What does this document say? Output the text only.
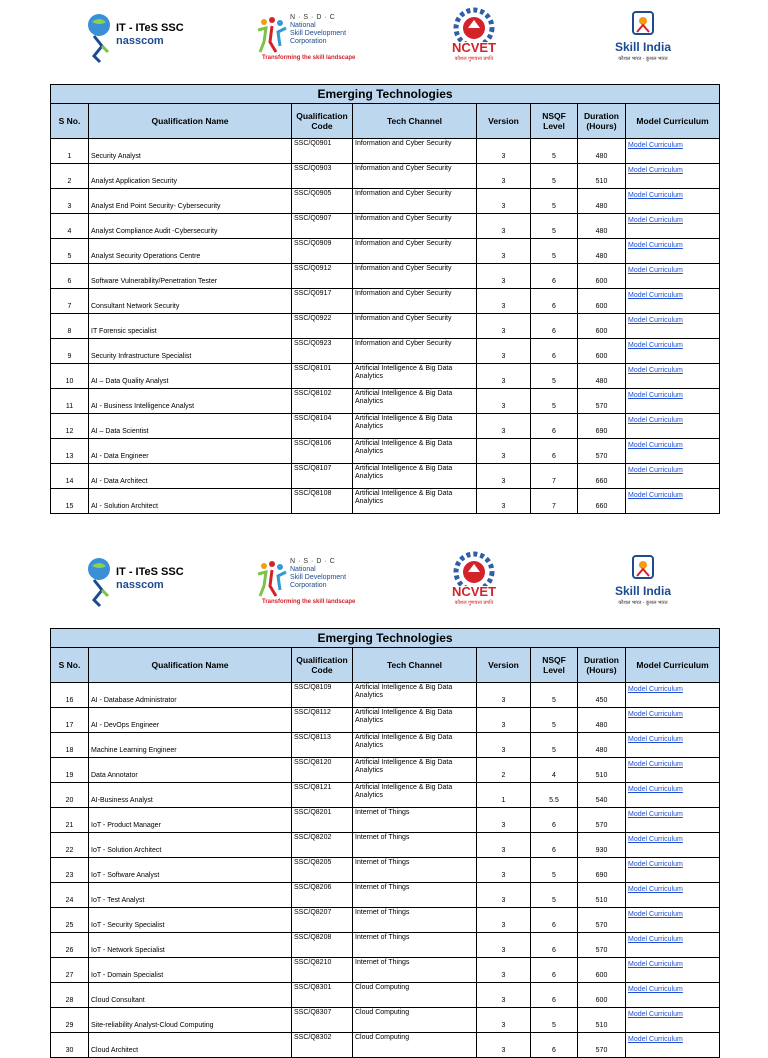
IT - ITeS SSC
nasscom
N·S·D·C
National
Skill Development
Corporation
Transforming the skill landscape
NCVET
कौशल गुणवत्ता प्रगति
Skill India
कौशल भारत - कुशल भारत
Emerging Technologies							
S No.	Qualification Name	Qualification Code	Tech Channel	Version	NSQF Level	Duration (Hours)	Model Curriculum
1	Security Analyst	SSC/Q0901	Information and Cyber Security	3	5	480	Model Curriculum
2	Analyst Application Security	SSC/Q0903	Information and Cyber Security	3	5	510	Model Curriculum
3	Analyst End Point Security- Cybersecurity	SSC/Q0905	Information and Cyber Security	3	5	480	Model Curriculum
4	Analyst Compliance Audit -Cybersecurity	SSC/Q0907	Information and Cyber Security	3	5	480	Model Curriculum
5	Analyst Security Operations Centre	SSC/Q0909	Information and Cyber Security	3	5	480	Model Curriculum
6	Software Vulnerability/Penetration Tester	SSC/Q0912	Information and Cyber Security	3	6	600	Model Curriculum
7	Consultant Network Security	SSC/Q0917	Information and Cyber Security	3	6	600	Model Curriculum
8	IT Forensic specialist	SSC/Q0922	Information and Cyber Security	3	6	600	Model Curriculum
9	Security Infrastructure Specialist	SSC/Q0923	Information and Cyber Security	3	6	600	Model Curriculum
10	AI – Data Quality Analyst	SSC/Q8101	Artificial Intelligence & Big Data Analytics	3	5	480	Model Curriculum
11	AI - Business Intelligence Analyst	SSC/Q8102	Artificial Intelligence & Big Data Analytics	3	5	570	Model Curriculum
12	AI – Data Scientist	SSC/Q8104	Artificial Intelligence & Big Data Analytics	3	6	690	Model Curriculum
13	AI - Data Engineer	SSC/Q8106	Artificial Intelligence & Big Data Analytics	3	6	570	Model Curriculum
14	AI - Data Architect	SSC/Q8107	Artificial Intelligence & Big Data Analytics	3	7	660	Model Curriculum
15	AI - Solution Architect	SSC/Q8108	Artificial Intelligence & Big Data Analytics	3	7	660	Model Curriculum
IT - ITeS SSC
nasscom
N·S·D·C
National
Skill Development
Corporation
Transforming the skill landscape
NCVET
कौशल गुणवत्ता प्रगति
Skill India
कौशल भारत - कुशल भारत
Emerging Technologies							
S No.	Qualification Name	Qualification Code	Tech Channel	Version	NSQF Level	Duration (Hours)	Model Curriculum
16	AI - Database Administrator	SSC/Q8109	Artificial Intelligence & Big Data Analytics	3	5	450	Model Curriculum
17	AI - DevOps Engineer	SSC/Q8112	Artificial Intelligence & Big Data Analytics	3	5	480	Model Curriculum
18	Machine Learning Engineer	SSC/Q8113	Artificial Intelligence & Big Data Analytics	3	5	480	Model Curriculum
19	Data Annotator	SSC/Q8120	Artificial Intelligence & Big Data Analytics	2	4	510	Model Curriculum
20	AI-Business Analyst	SSC/Q8121	Artificial Intelligence & Big Data Analytics	1	5.5	540	Model Curriculum
21	IoT - Product Manager	SSC/Q8201	Internet of Things	3	6	570	Model Curriculum
22	IoT - Solution Architect	SSC/Q8202	Internet of Things	3	6	930	Model Curriculum
23	IoT - Software Analyst	SSC/Q8205	Internet of Things	3	5	690	Model Curriculum
24	IoT - Test Analyst	SSC/Q8206	Internet of Things	3	5	510	Model Curriculum
25	IoT - Security Specialist	SSC/Q8207	Internet of Things	3	6	570	Model Curriculum
26	IoT - Network Specialist	SSC/Q8208	Internet of Things	3	6	570	Model Curriculum
27	IoT - Domain Specialist	SSC/Q8210	Internet of Things	3	6	600	Model Curriculum
28	Cloud Consultant	SSC/Q8301	Cloud Computing	3	6	600	Model Curriculum
29	Site-reliability Analyst-Cloud Computing	SSC/Q8307	Cloud Computing	3	5	510	Model Curriculum
30	Cloud Architect	SSC/Q8302	Cloud Computing	3	6	570	Model Curriculum
